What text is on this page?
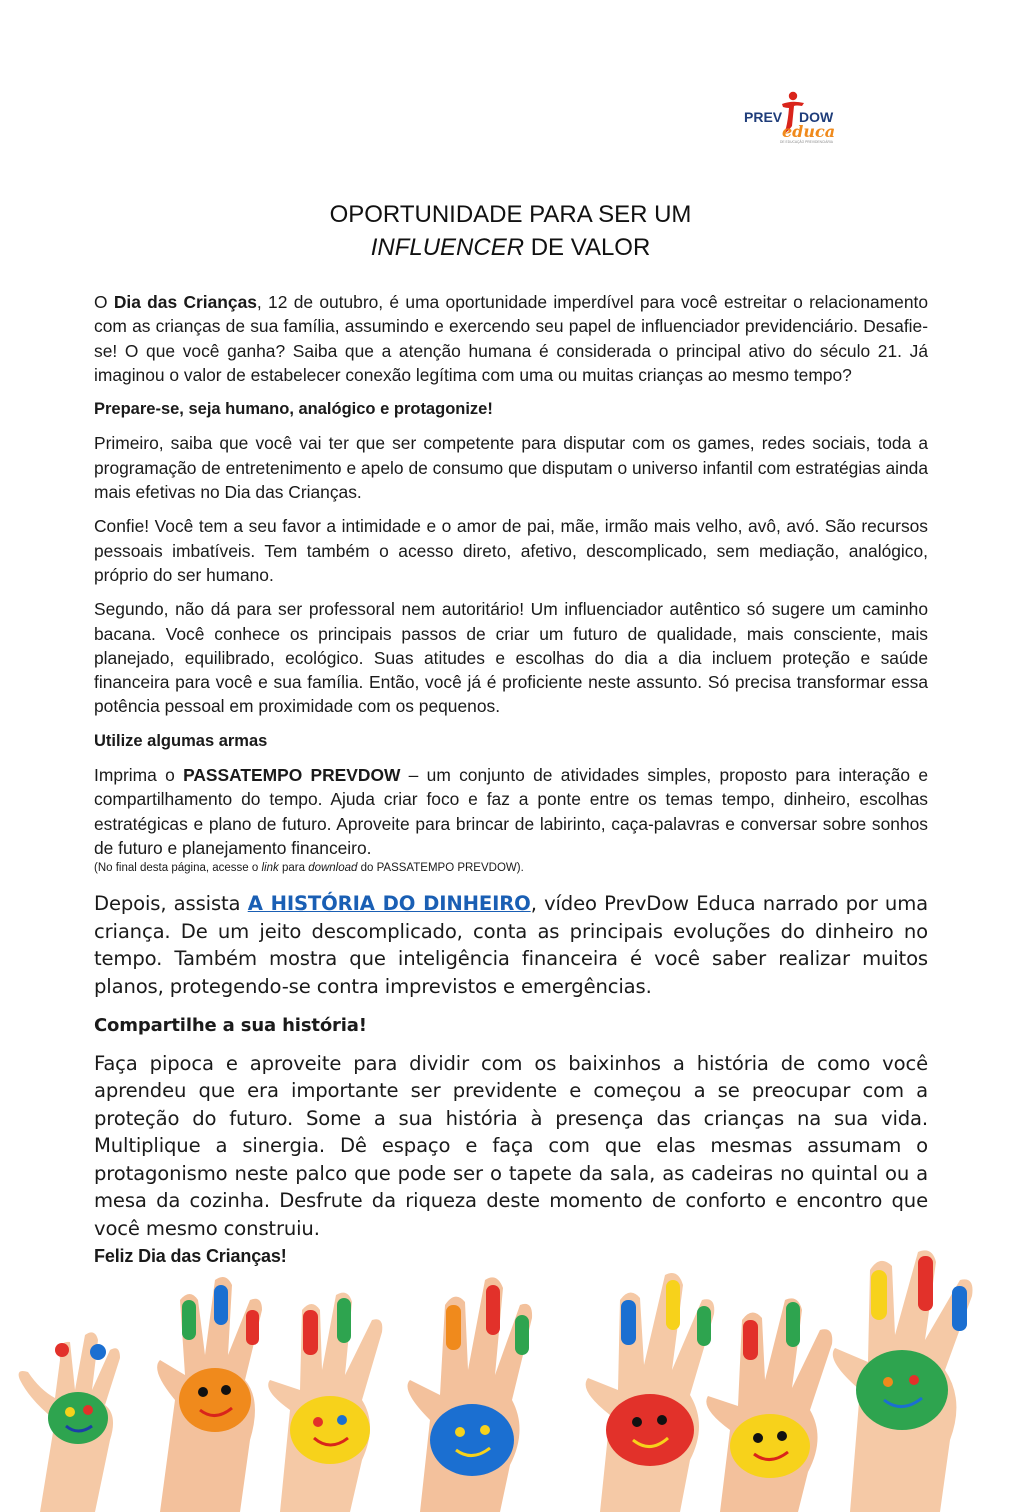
PREV DOW
educa
DE EDUCAÇÃO PREVIDENCIÁRIA
OPORTUNIDADE PARA SER UM
INFLUENCER DE VALOR

O Dia das Crianças, 12 de outubro, é uma oportunidade imperdível para você estreitar o relacionamento com as crianças de sua família, assumindo e exercendo seu papel de influenciador previdenciário. Desafie-se! O que você ganha? Saiba que a atenção humana é considerada o principal ativo do século 21. Já imaginou o valor de estabelecer conexão legítima com uma ou muitas crianças ao mesmo tempo?

Prepare-se, seja humano, analógico e protagonize!

Primeiro, saiba que você vai ter que ser competente para disputar com os games, redes sociais, toda a programação de entretenimento e apelo de consumo que disputam o universo infantil com estratégias ainda mais efetivas no Dia das Crianças.

Confie! Você tem a seu favor a intimidade e o amor de pai, mãe, irmão mais velho, avô, avó. São recursos pessoais imbatíveis. Tem também o acesso direto, afetivo, descomplicado, sem mediação, analógico, próprio do ser humano.

Segundo, não dá para ser professoral nem autoritário! Um influenciador autêntico só sugere um caminho bacana. Você conhece os principais passos de criar um futuro de qualidade, mais consciente, mais planejado, equilibrado, ecológico. Suas atitudes e escolhas do dia a dia incluem proteção e saúde financeira para você e sua família. Então, você já é proficiente neste assunto. Só precisa transformar essa potência pessoal em proximidade com os pequenos.

Utilize algumas armas

Imprima o PASSATEMPO PREVDOW – um conjunto de atividades simples, proposto para interação e compartilhamento do tempo. Ajuda criar foco e faz a ponte entre os temas tempo, dinheiro, escolhas estratégicas e plano de futuro. Aproveite para brincar de labirinto, caça-palavras e conversar sobre sonhos de futuro e planejamento financeiro.
(No final desta página, acesse o link para download do PASSATEMPO PREVDOW).

Depois, assista A HISTÓRIA DO DINHEIRO, vídeo PrevDow Educa narrado por uma criança. De um jeito descomplicado, conta as principais evoluções do dinheiro no tempo. Também mostra que inteligência financeira é você saber realizar muitos planos, protegendo-se contra imprevistos e emergências.

Compartilhe a sua história!

Faça pipoca e aproveite para dividir com os baixinhos a história de como você aprendeu que era importante ser previdente e começou a se preocupar com a proteção do futuro. Some a sua história à presença das crianças na sua vida. Multiplique a sinergia. Dê espaço e faça com que elas mesmas assumam o protagonismo neste palco que pode ser o tapete da sala, as cadeiras no quintal ou a mesa da cozinha. Desfrute da riqueza deste momento de conforto e encontro que você mesmo construiu.
Feliz Dia das Crianças!
